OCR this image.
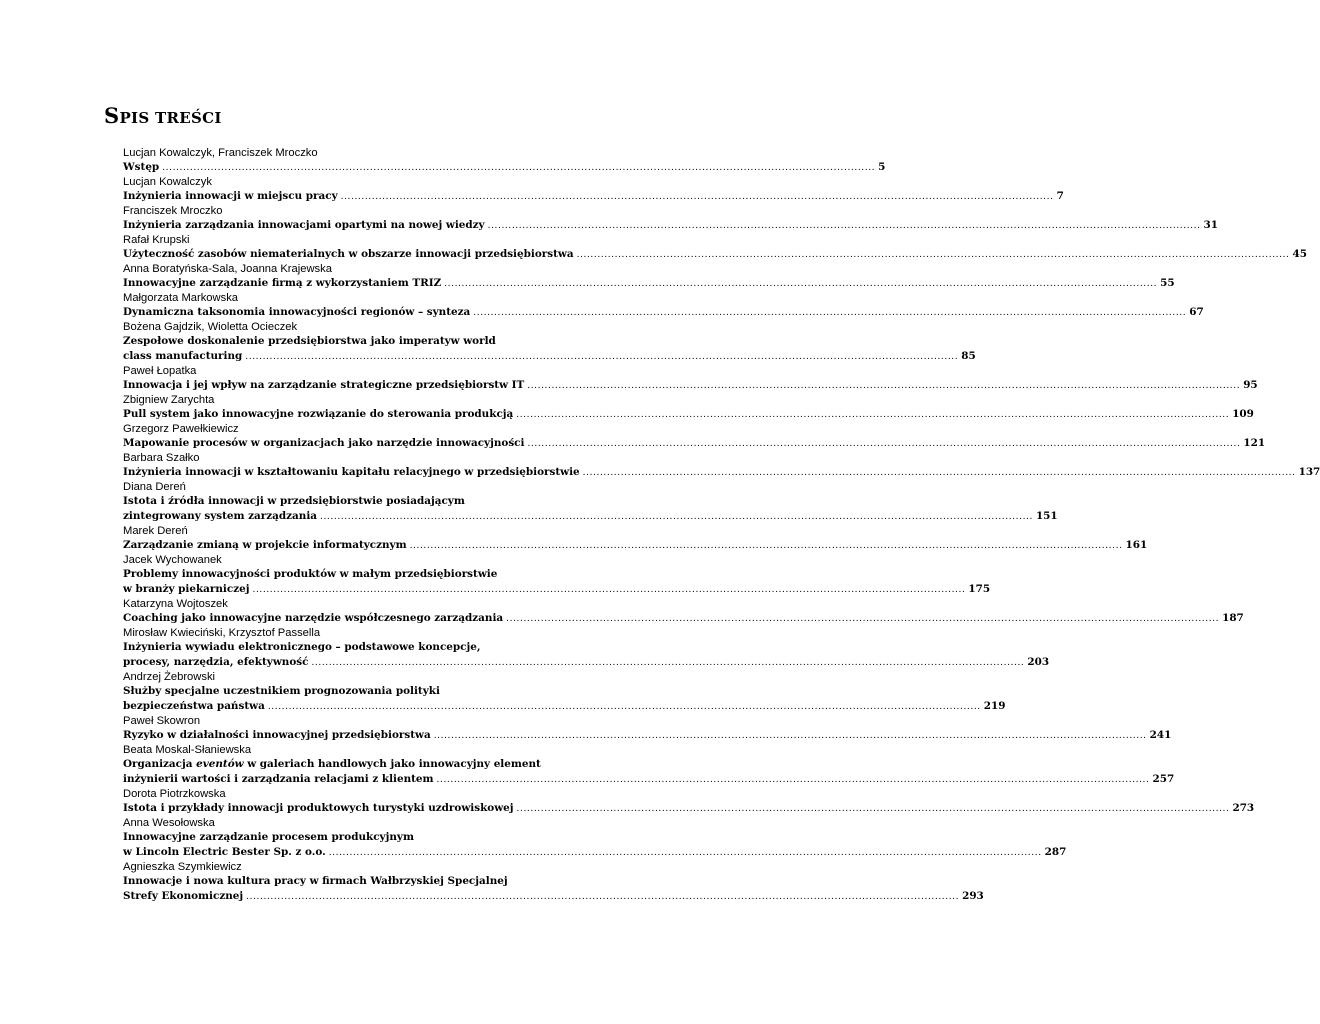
SPIS TREŚCI
Lucjan Kowalczyk, Franciszek Mroczko
Wstęp .............................................................................................................................................................................................................. 5
Lucjan Kowalczyk
Inżynieria innowacji w miejscu pracy .............................................................................................................................................................................................................. 7
Franciszek Mroczko
Inżynieria zarządzania innowacjami opartymi na nowej wiedzy .............................................................................................................................................................................................................. 31
Rafał Krupski
Użyteczność zasobów niematerialnych w obszarze innowacji przedsiębiorstwa .............................................................................................................................................................................................................. 45
Anna Boratyńska-Sala, Joanna Krajewska
Innowacyjne zarządzanie firmą z wykorzystaniem TRIZ .............................................................................................................................................................................................................. 55
Małgorzata Markowska
Dynamiczna taksonomia innowacyjności regionów – synteza .............................................................................................................................................................................................................. 67
Bożena Gajdzik, Wioletta Ocieczek
Zespołowe doskonalenie przedsiębiorstwa jako imperatyw world
class manufacturing .............................................................................................................................................................................................................. 85
Paweł Łopatka
Innowacja i jej wpływ na zarządzanie strategiczne przedsiębiorstw IT .............................................................................................................................................................................................................. 95
Zbigniew Zarychta
Pull system jako innowacyjne rozwiązanie do sterowania produkcją .............................................................................................................................................................................................................. 109
Grzegorz Pawełkiewicz
Mapowanie procesów w organizacjach jako narzędzie innowacyjności .............................................................................................................................................................................................................. 121
Barbara Szałko
Inżynieria innowacji w kształtowaniu kapitału relacyjnego w przedsiębiorstwie .............................................................................................................................................................................................................. 137
Diana Dereń
Istota i źródła innowacji w przedsiębiorstwie posiadającym
zintegrowany system zarządzania .............................................................................................................................................................................................................. 151
Marek Dereń
Zarządzanie zmianą w projekcie informatycznym .............................................................................................................................................................................................................. 161
Jacek Wychowanek
Problemy innowacyjności produktów w małym przedsiębiorstwie
w branży piekarniczej .............................................................................................................................................................................................................. 175
Katarzyna Wojtoszek
Coaching jako innowacyjne narzędzie współczesnego zarządzania .............................................................................................................................................................................................................. 187
Mirosław Kwieciński, Krzysztof Passella
Inżynieria wywiadu elektronicznego – podstawowe koncepcje,
procesy, narzędzia, efektywność .............................................................................................................................................................................................................. 203
Andrzej Żebrowski
Służby specjalne uczestnikiem prognozowania polityki
bezpieczeństwa państwa .............................................................................................................................................................................................................. 219
Paweł Skowron
Ryzyko w działalności innowacyjnej przedsiębiorstwa .............................................................................................................................................................................................................. 241
Beata Moskal-Słaniewska
Organizacja eventów w galeriach handlowych jako innowacyjny element
inżynierii wartości i zarządzania relacjami z klientem .............................................................................................................................................................................................................. 257
Dorota Piotrzkowska
Istota i przykłady innowacji produktowych turystyki uzdrowiskowej .............................................................................................................................................................................................................. 273
Anna Wesołowska
Innowacyjne zarządzanie procesem produkcyjnym
w Lincoln Electric Bester Sp. z o.o. .............................................................................................................................................................................................................. 287
Agnieszka Szymkiewicz
Innowacje i nowa kultura pracy w firmach Wałbrzyskiej Specjalnej
Strefy Ekonomicznej .............................................................................................................................................................................................................. 293
